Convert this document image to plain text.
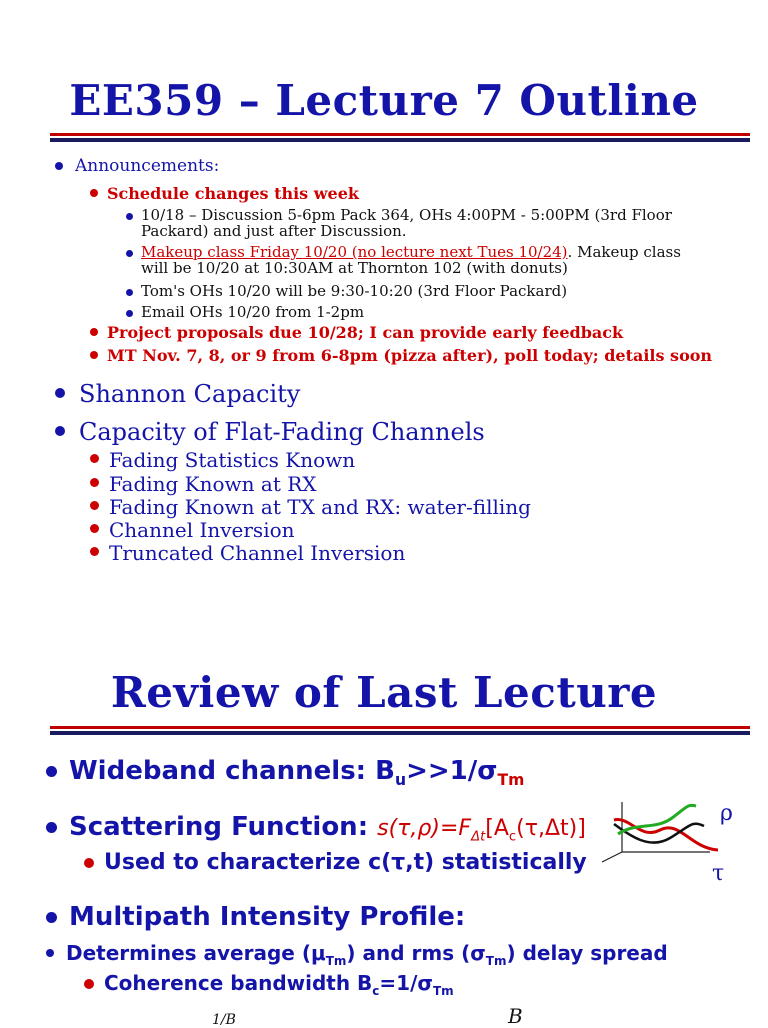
EE359 – Lecture 7 Outline
Announcements:
Schedule changes this week
10/18 – Discussion 5-6pm Pack 364, OHs 4:00PM - 5:00PM (3rd Floor
Packard) and just after Discussion.
Makeup class Friday 10/20 (no lecture next Tues 10/24). Makeup class
will be 10/20 at 10:30AM at Thornton 102 (with donuts)
Tom's OHs 10/20 will be 9:30-10:20 (3rd Floor Packard)
Email OHs 10/20 from 1-2pm
Project proposals due 10/28; I can provide early feedback
MT Nov. 7, 8, or 9 from 6-8pm (pizza after), poll today; details soon
Shannon Capacity
Capacity of Flat-Fading Channels
Fading Statistics Known
Fading Known at RX
Fading Known at TX and RX: water-filling
Channel Inversion
Truncated Channel Inversion
Review of Last Lecture
Wideband channels: $B_u>>1/\sigma_{Tm}$
Scattering Function: $s(\tau,\rho)=F_{\Delta t}[A_c(\tau,\Delta t)]$
Used to characterize c(τ,t) statistically
ρ
τ
Multipath Intensity Profile:
Determines average $(\mu_{Tm})$ and rms $(\sigma_{Tm})$ delay spread
Coherence bandwidth $B_c=1/\sigma_{Tm}$
1/B	B
